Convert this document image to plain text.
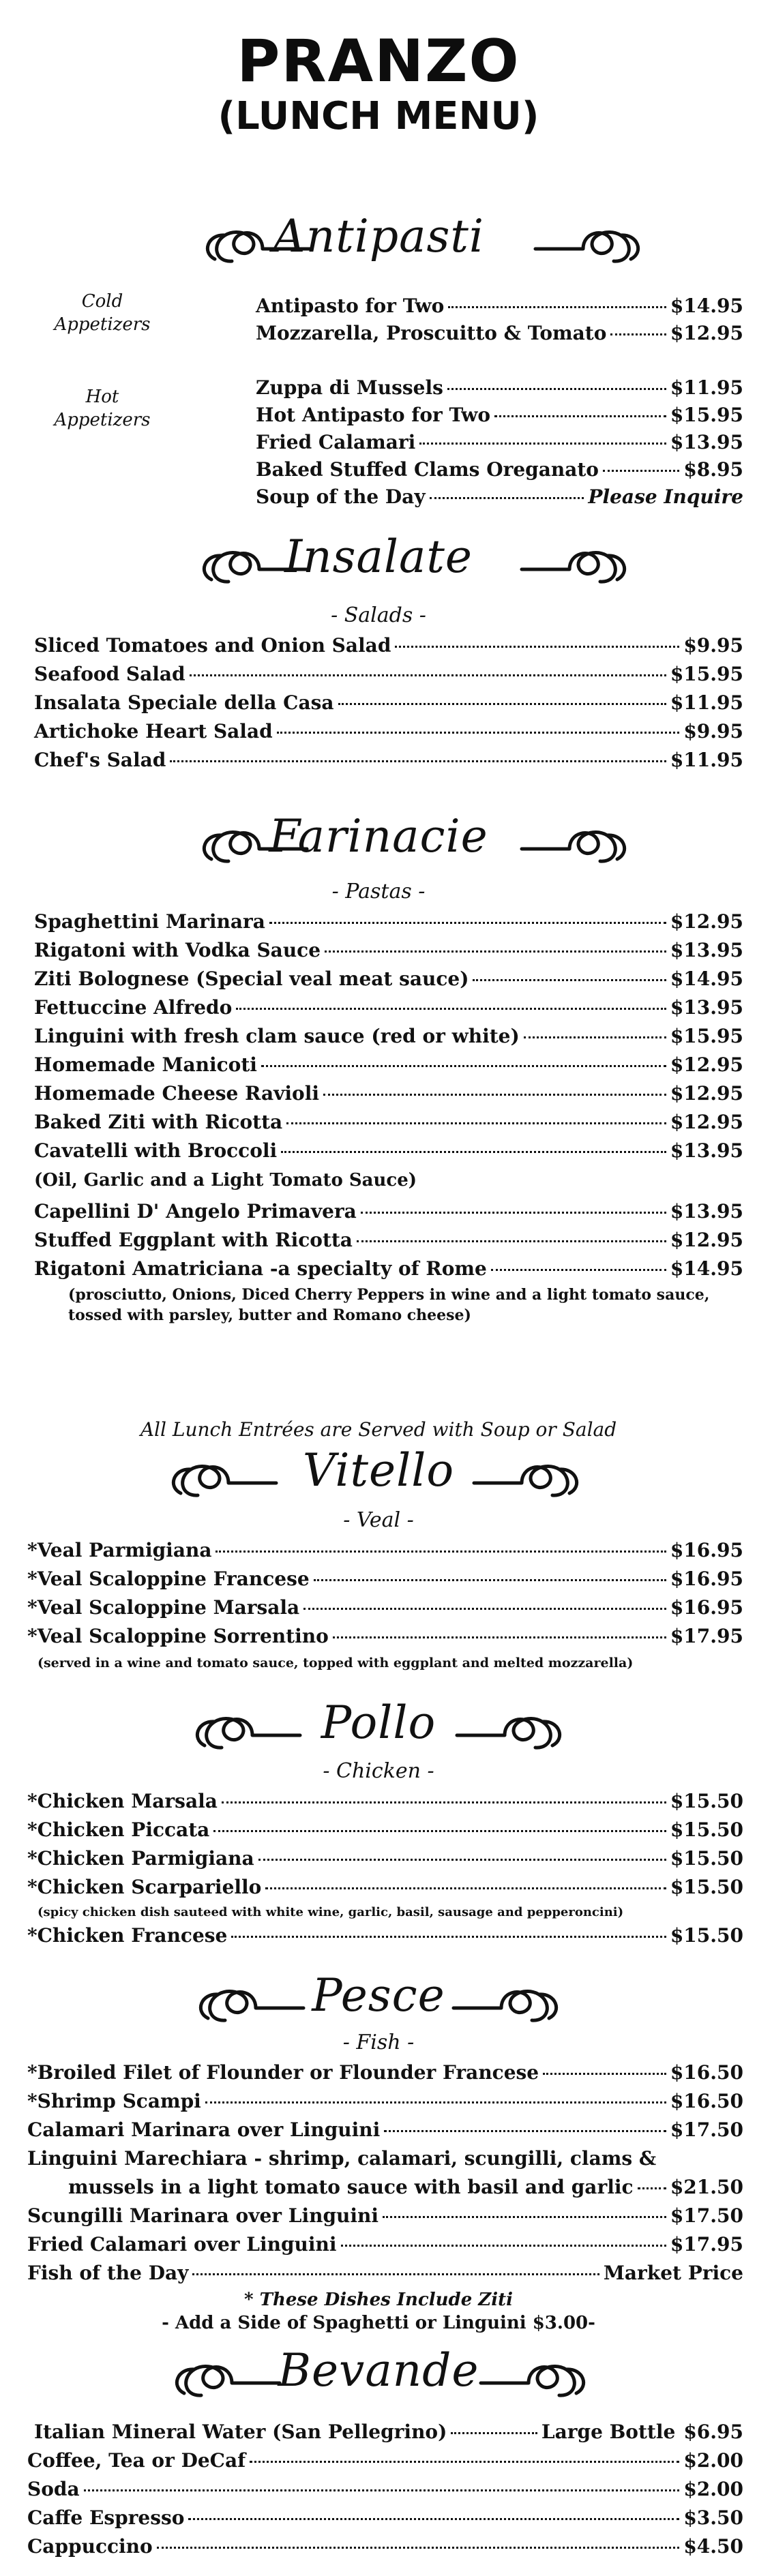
PRANZO
(LUNCH MENU)
Antipasti
Cold Appetizers
Hot Appetizers
Antipasto for Two	$14.95
Mozzarella, Proscuitto & Tomato	$12.95
Zuppa di Mussels	$11.95
Hot Antipasto for Two	$15.95
Fried Calamari	$13.95
Baked Stuffed Clams Oreganato	$8.95
Soup of the Day	Please Inquire
Insalate
- Salads -
Sliced Tomatoes and Onion Salad	$9.95
Seafood Salad	$15.95
Insalata Speciale della Casa	$11.95
Artichoke Heart Salad	$9.95
Chef's Salad	$11.95
Farinacie
- Pastas -
Spaghettini Marinara	$12.95
Rigatoni with Vodka Sauce	$13.95
Ziti Bolognese (Special veal meat sauce)	$14.95
Fettuccine Alfredo	$13.95
Linguini with fresh clam sauce (red or white)	$15.95
Homemade Manicoti	$12.95
Homemade Cheese Ravioli	$12.95
Baked Ziti with Ricotta	$12.95
Cavatelli with Broccoli	$13.95
(Oil, Garlic and a Light Tomato Sauce)
Capellini D' Angelo Primavera	$13.95
Stuffed Eggplant with Ricotta	$12.95
Rigatoni Amatriciana -a specialty of Rome	$14.95
(prosciutto, Onions, Diced Cherry Peppers in wine and a light tomato sauce,
tossed with parsley, butter and Romano cheese)
All Lunch Entrées are Served with Soup or Salad
Vitello
- Veal -
*Veal Parmigiana	$16.95
*Veal Scaloppine Francese	$16.95
*Veal Scaloppine Marsala	$16.95
*Veal Scaloppine Sorrentino	$17.95
(served in a wine and tomato sauce, topped with eggplant and melted mozzarella)
Pollo
- Chicken -
*Chicken Marsala	$15.50
*Chicken Piccata	$15.50
*Chicken Parmigiana	$15.50
*Chicken Scarpariello	$15.50
(spicy chicken dish sauteed with white wine, garlic, basil, sausage and pepperoncini)
*Chicken Francese	$15.50
Pesce
- Fish -
*Broiled Filet of Flounder or Flounder Francese	$16.50
*Shrimp Scampi	$16.50
Calamari Marinara over Linguini	$17.50
Linguini Marechiara - shrimp, calamari, scungilli, clams &
mussels in a light tomato sauce with basil and garlic $21.50
Scungilli Marinara over Linguini	$17.50
Fried Calamari over Linguini	$17.95
Fish of the Day	Market Price
* These Dishes Include Ziti
- Add a Side of Spaghetti or Linguini $3.00-
Bevande
Italian Mineral Water (San Pellegrino)	Large Bottle $6.95
Coffee, Tea or DeCaf	$2.00
Soda	$2.00
Caffe Espresso	$3.50
Cappuccino	$4.50
